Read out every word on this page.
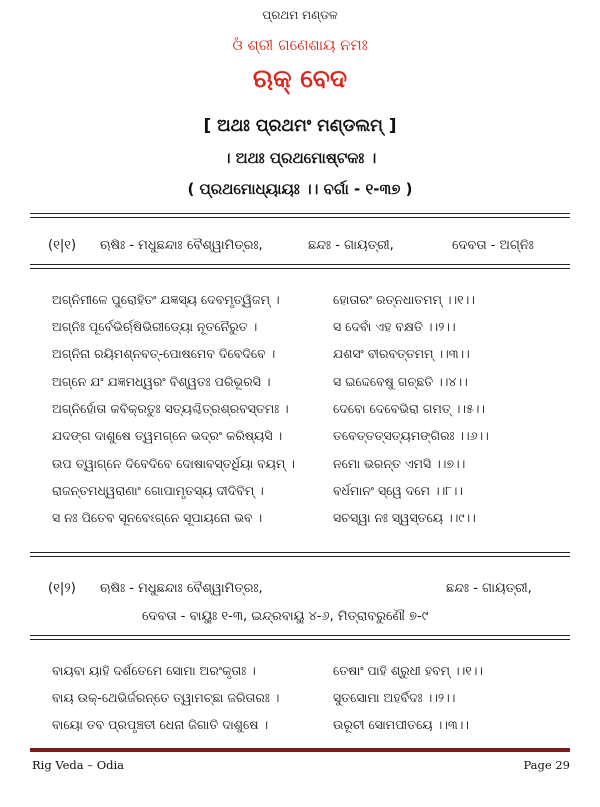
ପ୍ରଥମ ମଣ୍ଡଳ
ଓଁ ଶ୍ରୀ ଗଣେଶାୟ ନମଃ
ଋକ୍ ବେଦ
[ ଅଥଃ ପ୍ରଥମଂ ମଣ୍ଡଲମ୍ ]
। ଅଥଃ ପ୍ରଥମୋଷ୍ଟକଃ ।
( ପ୍ରଥମୋଧ୍ୟାୟଃ ।। ବର୍ଗା - ୧-୩୭ )
(୧|୧) ଋଷିଃ - ମଧୁଛନ୍ଦାଃ ବୈଶ୍ୱାମିତ୍ରଃ,	ଛନ୍ଦଃ - ଗାୟତ୍ରୀ,	ଦେବତା - ଅଗ୍ନିଃ
ଅଗ୍ନିମୀଳେ ପୁରୋହିତଂ ଯଜ୍ଞସ୍ୟ ଦେବମୃତ୍ୱିଜମ୍ ।	ହୋତାରଂ ରତ୍ନଧାତମମ୍ ।।୧।।
ଅଗ୍ନିଃ ପୂର୍ବେଭିର୍ଋଷିଭିରୀଡ୍ୟୋ ନୂତନୈରୁତ ।	ସ ଦେବାଁ ଏହ ବକ୍ଷତି ।।୨।।
ଅଗ୍ନିନା ରୟିମଶ୍ନବତ୍-ପୋଷମେବ ଦିବେଦିବେ ।	ଯଶସଂ ବୀରବତ୍ତମମ୍ ।।୩।।
ଅଗ୍ନେ ଯଂ ଯଜ୍ଞମଧ୍ୱରଂ ବିଶ୍ୱତଃ ପରିଭୂରସି ।	ସ ଇଦ୍ଦେବେଷୁ ଗଚ୍ଛତି ।।୪।।
ଅଗ୍ନିର୍ହୋତା କବିକ୍ରତୁଃ ସତ୍ୟଶ୍ଚିତ୍ରଶ୍ରବସ୍ତମଃ ।	ଦେବୋ ଦେବେଭିରା ଗମତ୍ ।।୫।।
ଯଦଙ୍ଗ ଦାଶୁଷେ ତ୍ୱମଗ୍ନେ ଭଦ୍ରଂ କରିଷ୍ୟସି ।	ତବେତ୍ତତ୍ସତ୍ୟମଙ୍ଗିରଃ ।।୬।।
ଉପ ତ୍ୱାଗ୍ନେ ଦିବେଦିବେ ଦୋଷାବସ୍ତର୍ଧିୟା ବୟମ୍ ।	ନମୋ ଭରନ୍ତ ଏମସି ।।୭।।
ରାଜନ୍ତମଧ୍ୱରାଣାଂ ଗୋପାମୃତସ୍ୟ ଦୀଦିବିମ୍ ।	ବର୍ଧମାନଂ ସ୍ୱେ ଦମେ ।।୮।।
ସ ନଃ ପିତେବ ସୂନବେଽଗ୍ନେ ସୂପାୟନୋ ଭବ ।	ସଚସ୍ୱା ନଃ ସ୍ୱସ୍ତୟେ ।।୯।।
(୧|୨) ଋଷିଃ - ମଧୁଛନ୍ଦାଃ ବୈଶ୍ୱାମିତ୍ରଃ,	ଛନ୍ଦଃ - ଗାୟତ୍ରୀ,
ଦେବତା - ବାୟୁଃ ୧-୩, ଇନ୍ଦ୍ରବାୟୁ ୪-୬, ମିତ୍ରାବରୁଣୌ ୭-୯
ବାୟବା ୟାହି ଦର୍ଶତେମେ ସୋମା ଅରଂକୃତାଃ ।	ତେଷାଂ ପାହି ଶ୍ରୁଧୀ ହବମ୍ ।।୧।।
ବାୟ ଉକ୍-ଥେଭିର୍ଜରନ୍ତେ ତ୍ୱାମଚ୍ଛା ଜରିତାରଃ ।	ସୁତସୋମା ଅହର୍ବିଦଃ ।।୨।।
ବାୟୋ ତବ ପ୍ରପୃଞ୍ଚତୀ ଧେନା ଜିଗାତି ଦାଶୁଷେ ।	ଉରୂଚୀ ସୋମପୀତୟେ ।।୩।।
Rig Veda – Odia	Page 29
